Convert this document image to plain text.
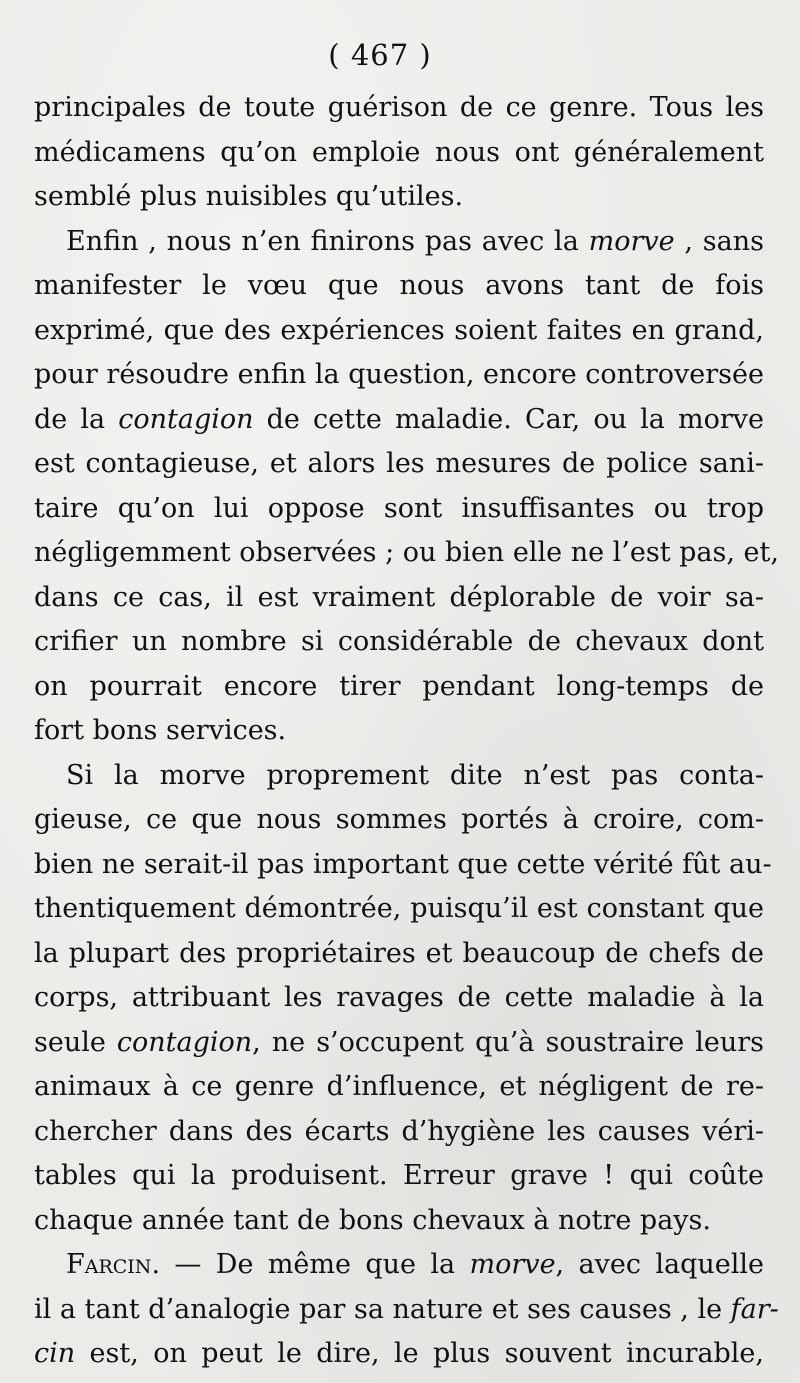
( 467 )
principales de toute guérison de ce genre. Tous les
médicamens qu’on emploie nous ont généralement
semblé plus nuisibles qu’utiles.
Enfin , nous n’en finirons pas avec la morve , sans
manifester le vœu que nous avons tant de fois
exprimé, que des expériences soient faites en grand,
pour résoudre enfin la question, encore controversée
de la contagion de cette maladie. Car, ou la morve
est contagieuse, et alors les mesures de police sani-
taire qu’on lui oppose sont insuffisantes ou trop
négligemment observées ; ou bien elle ne l’est pas, et,
dans ce cas, il est vraiment déplorable de voir sa-
crifier un nombre si considérable de chevaux dont
on pourrait encore tirer pendant long-temps de
fort bons services.
Si la morve proprement dite n’est pas conta-
gieuse, ce que nous sommes portés à croire, com-
bien ne serait-il pas important que cette vérité fût au-
thentiquement démontrée, puisqu’il est constant que
la plupart des propriétaires et beaucoup de chefs de
corps, attribuant les ravages de cette maladie à la
seule contagion, ne s’occupent qu’à soustraire leurs
animaux à ce genre d’influence, et négligent de re-
chercher dans des écarts d’hygiène les causes véri-
tables qui la produisent. Erreur grave ! qui coûte
chaque année tant de bons chevaux à notre pays.
Farcin. — De même que la morve, avec laquelle
il a tant d’analogie par sa nature et ses causes , le far-
cin est, on peut le dire, le plus souvent incurable,
